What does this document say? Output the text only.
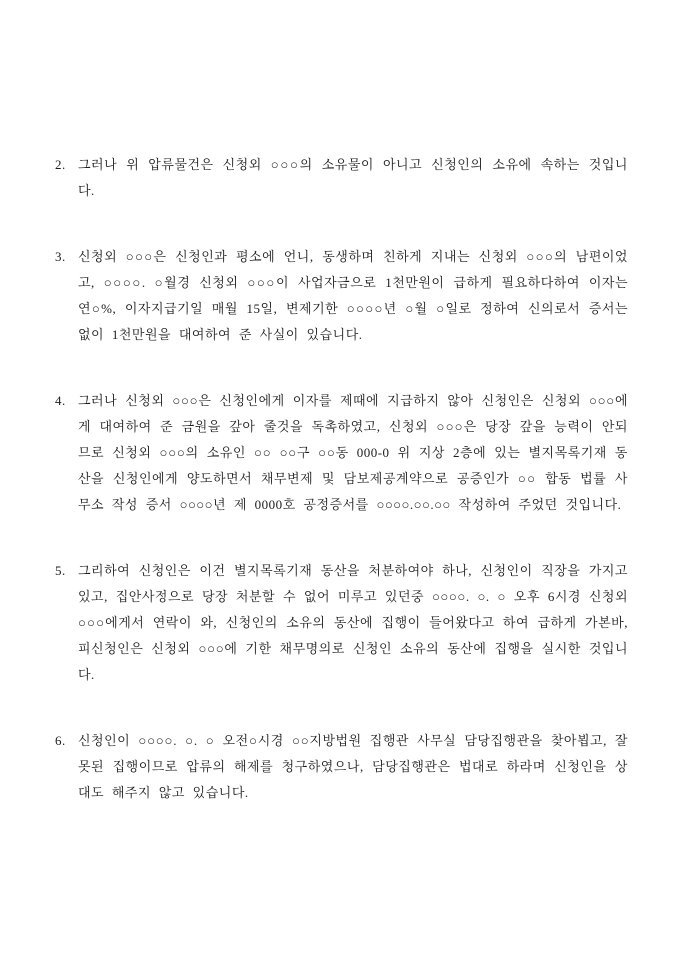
2. 그러나 위 압류물건은 신청외 ○○○의 소유물이 아니고 신청인의 소유에 속하는 것입니다.
3. 신청외 ○○○은 신청인과 평소에 언니, 동생하며 친하게 지내는 신청외 ○○○의 남편이었고, ○○○○. ○월경 신청외 ○○○이 사업자금으로 1천만원이 급하게 필요하다하여 이자는 연○%, 이자지급기일 매월 15일, 변제기한 ○○○○년 ○월 ○일로 정하여 신의로서 증서는 없이 1천만원을 대여하여 준 사실이 있습니다.
4. 그러나 신청외 ○○○은 신청인에게 이자를 제때에 지급하지 않아 신청인은 신청외 ○○○에게 대여하여 준 금원을 갚아 줄것을 독촉하였고, 신청외 ○○○은 당장 갚을 능력이 안되므로 신청외 ○○○의 소유인 ○○ ○○구 ○○동 000-0 위 지상 2층에 있는 별지목록기재 동산을 신청인에게 양도하면서 채무변제 및 담보제공계약으로 공증인가 ○○ 합동 법률 사무소 작성 증서 ○○○○년 제 0000호 공정증서를 ○○○○.○○.○○ 작성하여 주었던 것입니다.
5. 그리하여 신청인은 이건 별지목록기재 동산을 처분하여야 하나, 신청인이 직장을 가지고 있고, 집안사정으로 당장 처분할 수 없어 미루고 있던중 ○○○○. ○. ○ 오후 6시경 신청외 ○○○에게서 연락이 와, 신청인의 소유의 동산에 집행이 들어왔다고 하여 급하게 가본바, 피신청인은 신청외 ○○○에 기한 채무명의로 신청인 소유의 동산에 집행을 실시한 것입니다.
6. 신청인이 ○○○○. ○. ○ 오전○시경 ○○지방법원 집행관 사무실 담당집행관을 찾아뵙고, 잘못된 집행이므로 압류의 해제를 청구하였으나, 담당집행관은 법대로 하라며 신청인을 상대도 해주지 않고 있습니다.
